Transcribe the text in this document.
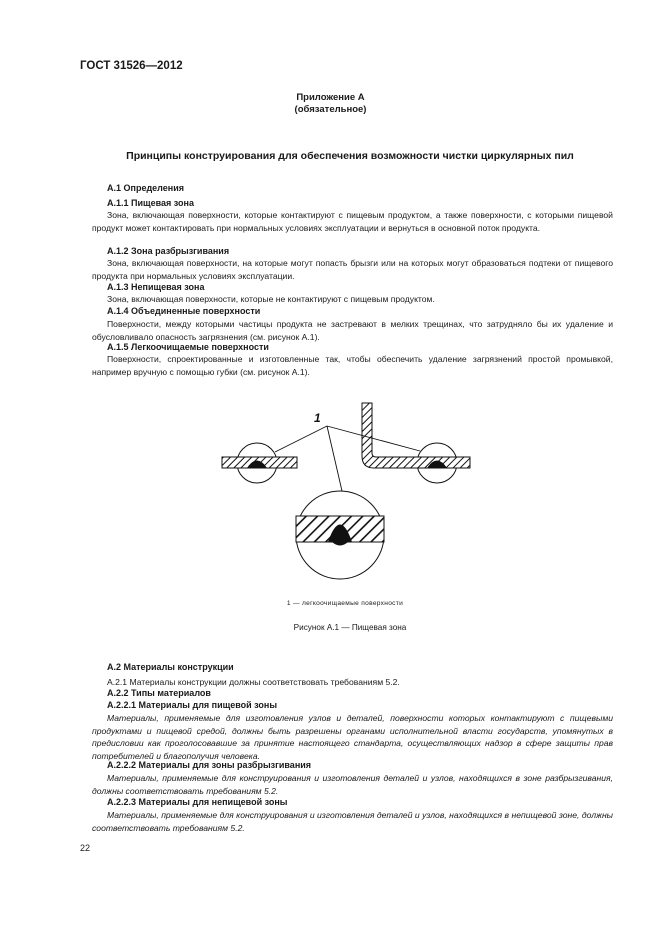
ГОСТ 31526—2012
Приложение А
(обязательное)
Принципы конструирования для обеспечения возможности чистки циркулярных пил
А.1 Определения
А.1.1 Пищевая зона
Зона, включающая поверхности, которые контактируют с пищевым продуктом, а также поверхности, с которыми пищевой продукт может контактировать при нормальных условиях эксплуатации и вернуться в основной поток продукта.
А.1.2 Зона разбрызгивания
Зона, включающая поверхности, на которые могут попасть брызги или на которых могут образоваться подтеки от пищевого продукта при нормальных условиях эксплуатации.
А.1.3 Непищевая зона
Зона, включающая поверхности, которые не контактируют с пищевым продуктом.
А.1.4 Объединенные поверхности
Поверхности, между которыми частицы продукта не застревают в мелких трещинах, что затрудняло бы их удаление и обусловливало опасность загрязнения (см. рисунок А.1).
А.1.5 Легкоочищаемые поверхности
Поверхности, спроектированные и изготовленные так, чтобы обеспечить удаление загрязнений простой промывкой, например вручную с помощью губки (см. рисунок А.1).
1
1 — легкоочищаемые поверхности
Рисунок А.1 — Пищевая зона
А.2 Материалы конструкции
А.2.1 Материалы конструкции должны соответствовать требованиям 5.2.
А.2.2 Типы материалов
А.2.2.1 Материалы для пищевой зоны
Материалы, применяемые для изготовления узлов и деталей, поверхности которых контактируют с пищевыми продуктами и пищевой средой, должны быть разрешены органами исполнительной власти государств, упомянутых в предисловии как проголосовавшие за принятие настоящего стандарта, осуществляющих надзор в сфере защиты прав потребителей и благополучия человека.
А.2.2.2 Материалы для зоны разбрызгивания
Материалы, применяемые для конструирования и изготовления деталей и узлов, находящихся в зоне разбрызгивания, должны соответствовать требованиям 5.2.
А.2.2.3 Материалы для непищевой зоны
Материалы, применяемые для конструирования и изготовления деталей и узлов, находящихся в непищевой зоне, должны соответствовать требованиям 5.2.
22
